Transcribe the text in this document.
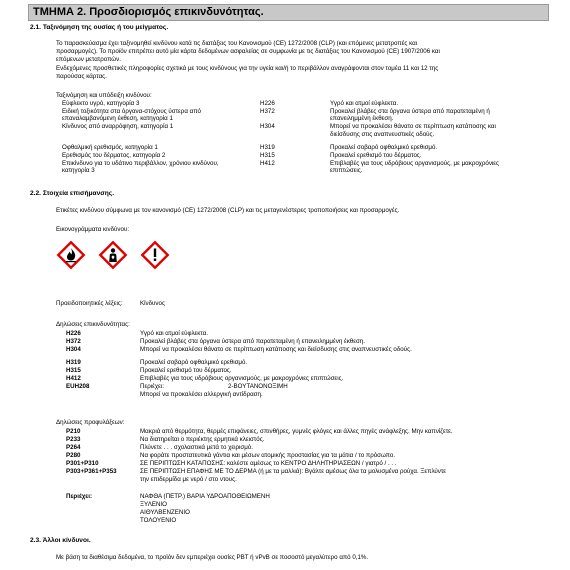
ΤΜΗΜΑ 2. Προσδιορισμός επικινδυνότητας.
2.1. Ταξινόμηση της ουσίας ή του μείγματος.
Το παρασκεύασμα έχει ταξινομηθεί κινδύνου κατά τις διατάξεις του Κανονισμού (CE) 1272/2008 (CLP) (και επόμενες μετατροπές και
προσαρμογές). Το προϊόν επιτρέπει αυτό μία κάρτα δεδομένων ασφαλείας σε συμφωνία με τις διατάξεις του Κανονισμού (CE) 1907/2006 και
επόμενων μετατροπών.
Ενδεχόμενες προσθετικές πληροφορίες σχετικά με τους κινδύνους για την υγεία και/ή το περιβάλλον αναγράφονται στον τομέα 11 και 12 της
παρούσας κάρτας.
Ταξινόμηση και υπόδειξη κινδύνου:
Εύφλεκτο υγρό, κατηγορία 3	H226	Υγρό και ατμοί εύφλεκτα.
Ειδική τοξικότητα στα όργανα-στόχους ύστερα από
επαναλαμβανόμενη έκθεση, κατηγορία 1
H372	Προκαλεί βλάβες στα όργανα ύστερα από παρατεταμένη ή
επανειλημμένη έκθεση.
Κίνδυνος από αναρρόφηση, κατηγορία 1	H304	Μπορεί να προκαλέσει θάνατο σε περίπτωση κατάποσης και
διείσδυσης στις αναπνευστικές οδούς.
Οφθαλμική ερεθισμός, κατηγορία 1	H319	Προκαλεί σοβαρό οφθαλμικό ερεθισμό.
Ερεθισμός του δέρματος, κατηγορία 2	H315	Προκαλεί ερεθισμό του δέρματος.
Επικίνδυνο για το υδάτινο περιβάλλον, χρόνιου κινδύνου,
κατηγορία 3
H412	Επιβλαβές για τους υδρόβιους οργανισμούς, με μακροχρόνιες
επιπτώσεις.
2.2. Στοιχεία επισήμανσης.
Ετικέτες κινδύνου σύμφωνα με τον κανονισμό (CE) 1272/2008 (CLP) και τις μεταγενέστερες τροποποιήσεις και προσαρμογές.
Εικονογράμματα κινδύνου:
Προειδοποιητικές λέξεις:	Κίνδυνος
Δηλώσεις επικινδυνότητας:
H226	Υγρό και ατμοί εύφλεκτα.
H372	Προκαλεί βλάβες στα όργανα ύστερα από παρατεταμένη ή επανειλημμένη έκθεση.
H304	Μπορεί να προκαλέσει θάνατο σε περίπτωση κατάποσης και διείσδυσης στις αναπνευστικές οδούς.
H319	Προκαλεί σοβαρό οφθαλμικό ερεθισμό.
H315	Προκαλεί ερεθισμό του δέρματος.
H412	Επιβλαβές για τους υδρόβιους οργανισμούς, με μακροχρόνιες επιπτώσεις.
EUH208	Περιέχει:	2-ΒΟΥΤΑΝΟΝΟΞΙΜΗ
Μπορεί να προκαλέσει αλλεργική αντίδραση.
Δηλώσεις προφυλάξεων:
P210	Μακριά από θερμότητα, θερμές επιφάνειες, σπινθήρες, γυμνές φλόγες και άλλες πηγές ανάφλεξης. Μην καπνίζετε.
P233	Να διατηρείται ο περιέκτης ερμητικά κλειστός.
P264	Πλύνετε . . . σχολαστικά μετά το χειρισμό.
P280	Να φοράτε προστατευτικά γάντια και μέσων ατομικής προστασίας για τα μάτια / το πρόσωπο.
P301+P310	ΣΕ ΠΕΡΙΠΤΩΣΗ ΚΑΤΑΠΟΣΗΣ: καλέστε αμέσως το ΚΕΝΤΡΟ ΔΗΛΗΤΗΡΙΑΣΕΩΝ / γιατρό / . . .
P303+P361+P353	ΣΕ ΠΕΡΙΠΤΩΣΗ ΕΠΑΦΗΣ ΜΕ ΤΟ ΔΕΡΜΑ (ή με τα μαλλιά): Βγάλτε αμέσως όλα τα μολυσμένα ρούχα. Ξεπλύντε
την επιδερμίδα με νερό / στο ντους.
Περιέχει:	ΝΑΦΘΑ (ΠΕΤΡ.) ΒΑΡΙΑ ΥΔΡΟΑΠΟΘΕΙΩΜΕΝΗ
ΞΥΛΕΝΙΟ
ΑΙΘΥΛΒΕΝΖΕΝΙΟ
ΤΟΛΟΥΕΝΙΟ
2.3. Άλλοι κίνδυνοι.
Με βάση τα διαθέσιμα δεδομένα, το προϊόν δεν εμπεριέχει ουσίες PBT ή vPvB σε ποσοστό μεγαλύτερο από 0,1%.
